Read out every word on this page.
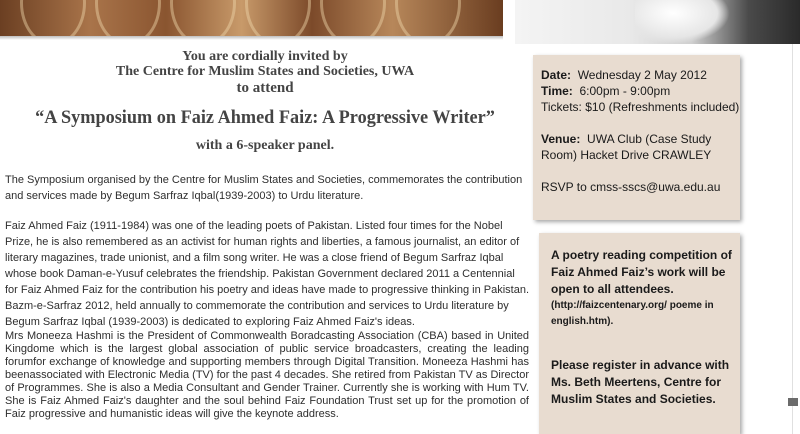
You are cordially invited by
The Centre for Muslim States and Societies, UWA
to attend
“A Symposium on Faiz Ahmed Faiz: A Progressive Writer”
with a 6-speaker panel.
The Symposium organised by the Centre for Muslim States and Societies, commemorates the contribution and services made by Begum Sarfraz Iqbal(1939-2003) to Urdu literature.
Faiz Ahmed Faiz (1911-1984) was one of the leading poets of Pakistan. Listed four times for the Nobel Prize, he is also remembered as an activist for human rights and liberties, a famous journalist, an editor of literary magazines, trade unionist, and a film song writer. He was a close friend of Begum Sarfraz Iqbal whose book Daman-e-Yusuf celebrates the friendship. Pakistan Government declared 2011 a Centennial for Faiz Ahmed Faiz for the contribution his poetry and ideas have made to progressive thinking in Pakistan. Bazm-e-Sarfraz 2012, held annually to commemorate the contribution and services to Urdu literature by Begum Sarfraz Iqbal (1939-2003) is dedicated to exploring Faiz Ahmed Faiz's ideas.
Mrs Moneeza Hashmi is the President of Commonwealth Boradcasting Association (CBA) based in United Kingdome which is the largest global association of public service broadcasters, creating the leading forumfor exchange of knowledge and supporting members through Digital Transition. Moneeza Hashmi has beenassociated with Electronic Media (TV) for the past 4 decades. She retired from Pakistan TV as Director of Programmes. She is also a Media Consultant and Gender Trainer. Currently she is working with Hum TV. She is Faiz Ahmed Faiz's daughter and the soul behind Faiz Foundation Trust set up for the promotion of Faiz progressive and humanistic ideas will give the keynote address.
Date: Wednesday 2 May 2012
Time: 6:00pm - 9:00pm
Tickets: $10 (Refreshments included)
Venue: UWA Club (Case Study Room) Hacket Drive CRAWLEY
RSVP to cmss-sscs@uwa.edu.au
A poetry reading competition of Faiz Ahmed Faiz’s work will be open to all attendees.
(http://faizcentenary.org/ poeme in english.htm).
Please register in advance with Ms. Beth Meertens, Centre for Muslim States and Societies.
